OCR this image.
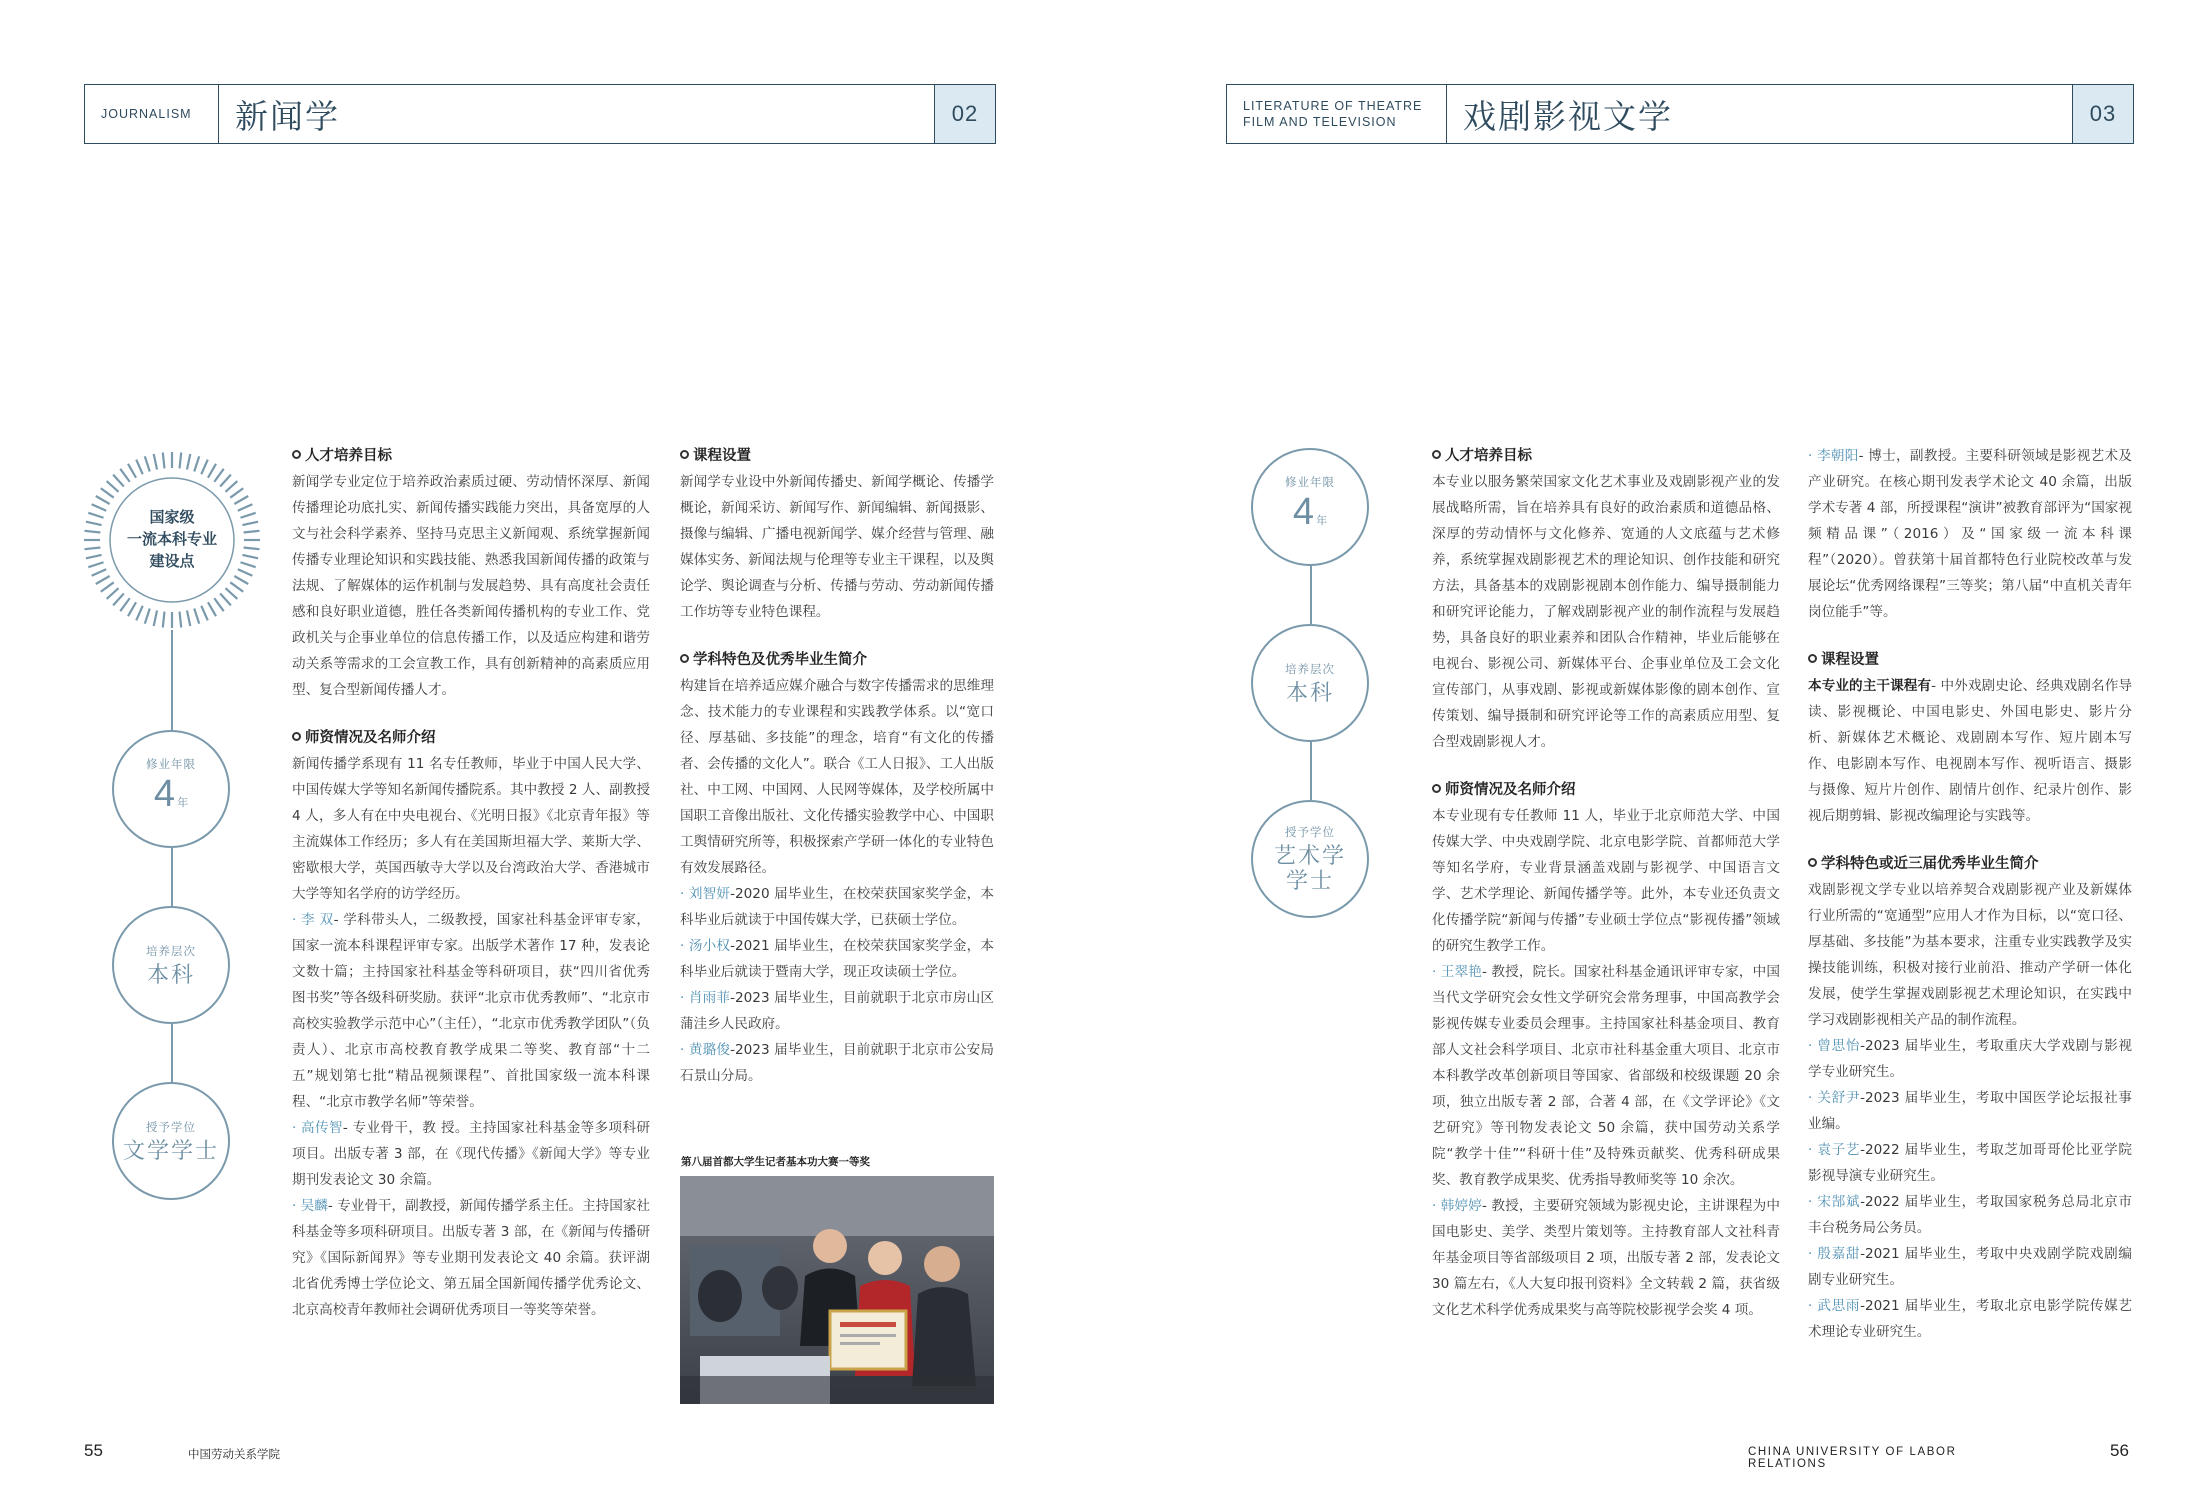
JOURNALISM	新闻学	02	LITERATURE OF THEATRE
FILM AND TELEVISION	戏剧影视文学	03
国家级
一流本科专业
建设点
修业年限
4 年
培养层次
本科
授予学位
文学学士
人才培养目标

新闻学专业定位于培养政治素质过硬、劳动情怀深厚、新闻传播理论功底扎实、新闻传播实践能力突出，具备宽厚的人文与社会科学素养、坚持马克思主义新闻观、系统掌握新闻传播专业理论知识和实践技能、熟悉我国新闻传播的政策与法规、了解媒体的运作机制与发展趋势、具有高度社会责任感和良好职业道德，胜任各类新闻传播机构的专业工作、党政机关与企事业单位的信息传播工作，以及适应构建和谐劳动关系等需求的工会宣教工作，具有创新精神的高素质应用型、复合型新闻传播人才。

师资情况及名师介绍

新闻传播学系现有 11 名专任教师，毕业于中国人民大学、中国传媒大学等知名新闻传播院系。其中教授 2 人、副教授 4 人，多人有在中央电视台、《光明日报》《北京青年报》等主流媒体工作经历；多人有在美国斯坦福大学、莱斯大学、密歇根大学，英国西敏寺大学以及台湾政治大学、香港城市大学等知名学府的访学经历。

· 李 双- 学科带头人，二级教授，国家社科基金评审专家，国家一流本科课程评审专家。出版学术著作 17 种，发表论文数十篇；主持国家社科基金等科研项目，获“四川省优秀图书奖”等各级科研奖励。获评“北京市优秀教师”、“北京市高校实验教学示范中心”（主任），“北京市优秀教学团队”（负责人）、北京市高校教育教学成果二等奖、教育部“十二五”规划第七批“精品视频课程”、首批国家级一流本科课程、“北京市教学名师”等荣誉。

· 高传智- 专业骨干，教 授。主持国家社科基金等多项科研项目。出版专著 3 部，在《现代传播》《新闻大学》等专业期刊发表论文 30 余篇。

· 吴麟- 专业骨干，副教授，新闻传播学系主任。主持国家社科基金等多项科研项目。出版专著 3 部，在《新闻与传播研究》《国际新闻界》等专业期刊发表论文 40 余篇。获评湖北省优秀博士学位论文、第五届全国新闻传播学优秀论文、北京高校青年教师社会调研优秀项目一等奖等荣誉。

课程设置

新闻学专业设中外新闻传播史、新闻学概论、传播学概论，新闻采访、新闻写作、新闻编辑、新闻摄影、摄像与编辑、广播电视新闻学、媒介经营与管理、融媒体实务、新闻法规与伦理等专业主干课程，以及舆论学、舆论调查与分析、传播与劳动、劳动新闻传播工作坊等专业特色课程。

学科特色及优秀毕业生简介

构建旨在培养适应媒介融合与数字传播需求的思维理念、技术能力的专业课程和实践教学体系。以“宽口径、厚基础、多技能”的理念，培育“有文化的传播者、会传播的文化人”。联合《工人日报》、工人出版社、中工网、中国网、人民网等媒体，及学校所属中国职工音像出版社、文化传播实验教学中心、中国职工舆情研究所等，积极探索产学研一体化的专业特色有效发展路径。

· 刘智妍-2020 届毕业生，在校荣获国家奖学金，本科毕业后就读于中国传媒大学，已获硕士学位。

· 汤小权-2021 届毕业生，在校荣获国家奖学金，本科毕业后就读于暨南大学，现正攻读硕士学位。

· 肖雨菲-2023 届毕业生，目前就职于北京市房山区蒲洼乡人民政府。

· 黄璐俊-2023 届毕业生，目前就职于北京市公安局石景山分局。

第八届首都大学生记者基本功大赛一等奖
修业年限
4 年
培养层次
本科
授予学位
艺术学
学士
人才培养目标

本专业以服务繁荣国家文化艺术事业及戏剧影视产业的发展战略所需，旨在培养具有良好的政治素质和道德品格、深厚的劳动情怀与文化修养、宽通的人文底蕴与艺术修养，系统掌握戏剧影视艺术的理论知识、创作技能和研究方法，具备基本的戏剧影视剧本创作能力、编导摄制能力和研究评论能力，了解戏剧影视产业的制作流程与发展趋势，具备良好的职业素养和团队合作精神，毕业后能够在电视台、影视公司、新媒体平台、企事业单位及工会文化宣传部门，从事戏剧、影视或新媒体影像的剧本创作、宣传策划、编导摄制和研究评论等工作的高素质应用型、复合型戏剧影视人才。

师资情况及名师介绍

本专业现有专任教师 11 人，毕业于北京师范大学、中国传媒大学、中央戏剧学院、北京电影学院、首都师范大学等知名学府，专业背景涵盖戏剧与影视学、中国语言文学、艺术学理论、新闻传播学等。此外，本专业还负责文化传播学院“新闻与传播”专业硕士学位点“影视传播”领域的研究生教学工作。

· 王翠艳- 教授，院长。国家社科基金通讯评审专家，中国当代文学研究会女性文学研究会常务理事，中国高教学会影视传媒专业委员会理事。主持国家社科基金项目、教育部人文社会科学项目、北京市社科基金重大项目、北京市本科教学改革创新项目等国家、省部级和校级课题 20 余项，独立出版专著 2 部，合著 4 部，在《文学评论》《文艺研究》等刊物发表论文 50 余篇，获中国劳动关系学院“教学十佳”“科研十佳”及特殊贡献奖、优秀科研成果奖、教育教学成果奖、优秀指导教师奖等 10 余次。

· 韩婷婷- 教授，主要研究领域为影视史论，主讲课程为中国电影史、美学、类型片策划等。主持教育部人文社科青年基金项目等省部级项目 2 项，出版专著 2 部，发表论文 30 篇左右，《人大复印报刊资料》全文转载 2 篇，获省级文化艺术科学优秀成果奖与高等院校影视学会奖 4 项。

· 李朝阳- 博士，副教授。主要科研领域是影视艺术及产业研究。在核心期刊发表学术论文 40 余篇，出版学术专著 4 部，所授课程“演讲”被教育部评为“国家视频精品课”（2016）及“国家级一流本科课程”（2020）。曾获第十届首都特色行业院校改革与发展论坛“优秀网络课程”三等奖；第八届“中直机关青年岗位能手”等。

课程设置

本专业的主干课程有- 中外戏剧史论、经典戏剧名作导读、影视概论、中国电影史、外国电影史、影片分析、新媒体艺术概论、戏剧剧本写作、短片剧本写作、电影剧本写作、电视剧本写作、视听语言、摄影与摄像、短片片创作、剧情片创作、纪录片创作、影视后期剪辑、影视改编理论与实践等。

学科特色或近三届优秀毕业生简介

戏剧影视文学专业以培养契合戏剧影视产业及新媒体行业所需的“宽通型”应用人才作为目标，以“宽口径、厚基础、多技能”为基本要求，注重专业实践教学及实操技能训练，积极对接行业前沿、推动产学研一体化发展，使学生掌握戏剧影视艺术理论知识，在实践中学习戏剧影视相关产品的制作流程。

· 曾思怡-2023 届毕业生，考取重庆大学戏剧与影视学专业研究生。

· 关舒尹-2023 届毕业生，考取中国医学论坛报社事业编。

· 袁子艺-2022 届毕业生，考取芝加哥哥伦比亚学院影视导演专业研究生。

· 宋郜斌-2022 届毕业生，考取国家税务总局北京市丰台税务局公务员。

· 殷嘉甜-2021 届毕业生，考取中央戏剧学院戏剧编剧专业研究生。

· 武思雨-2021 届毕业生，考取北京电影学院传媒艺术理论专业研究生。

55	中国劳动关系学院	CHINA UNIVERSITY OF LABOR RELATIONS
56
